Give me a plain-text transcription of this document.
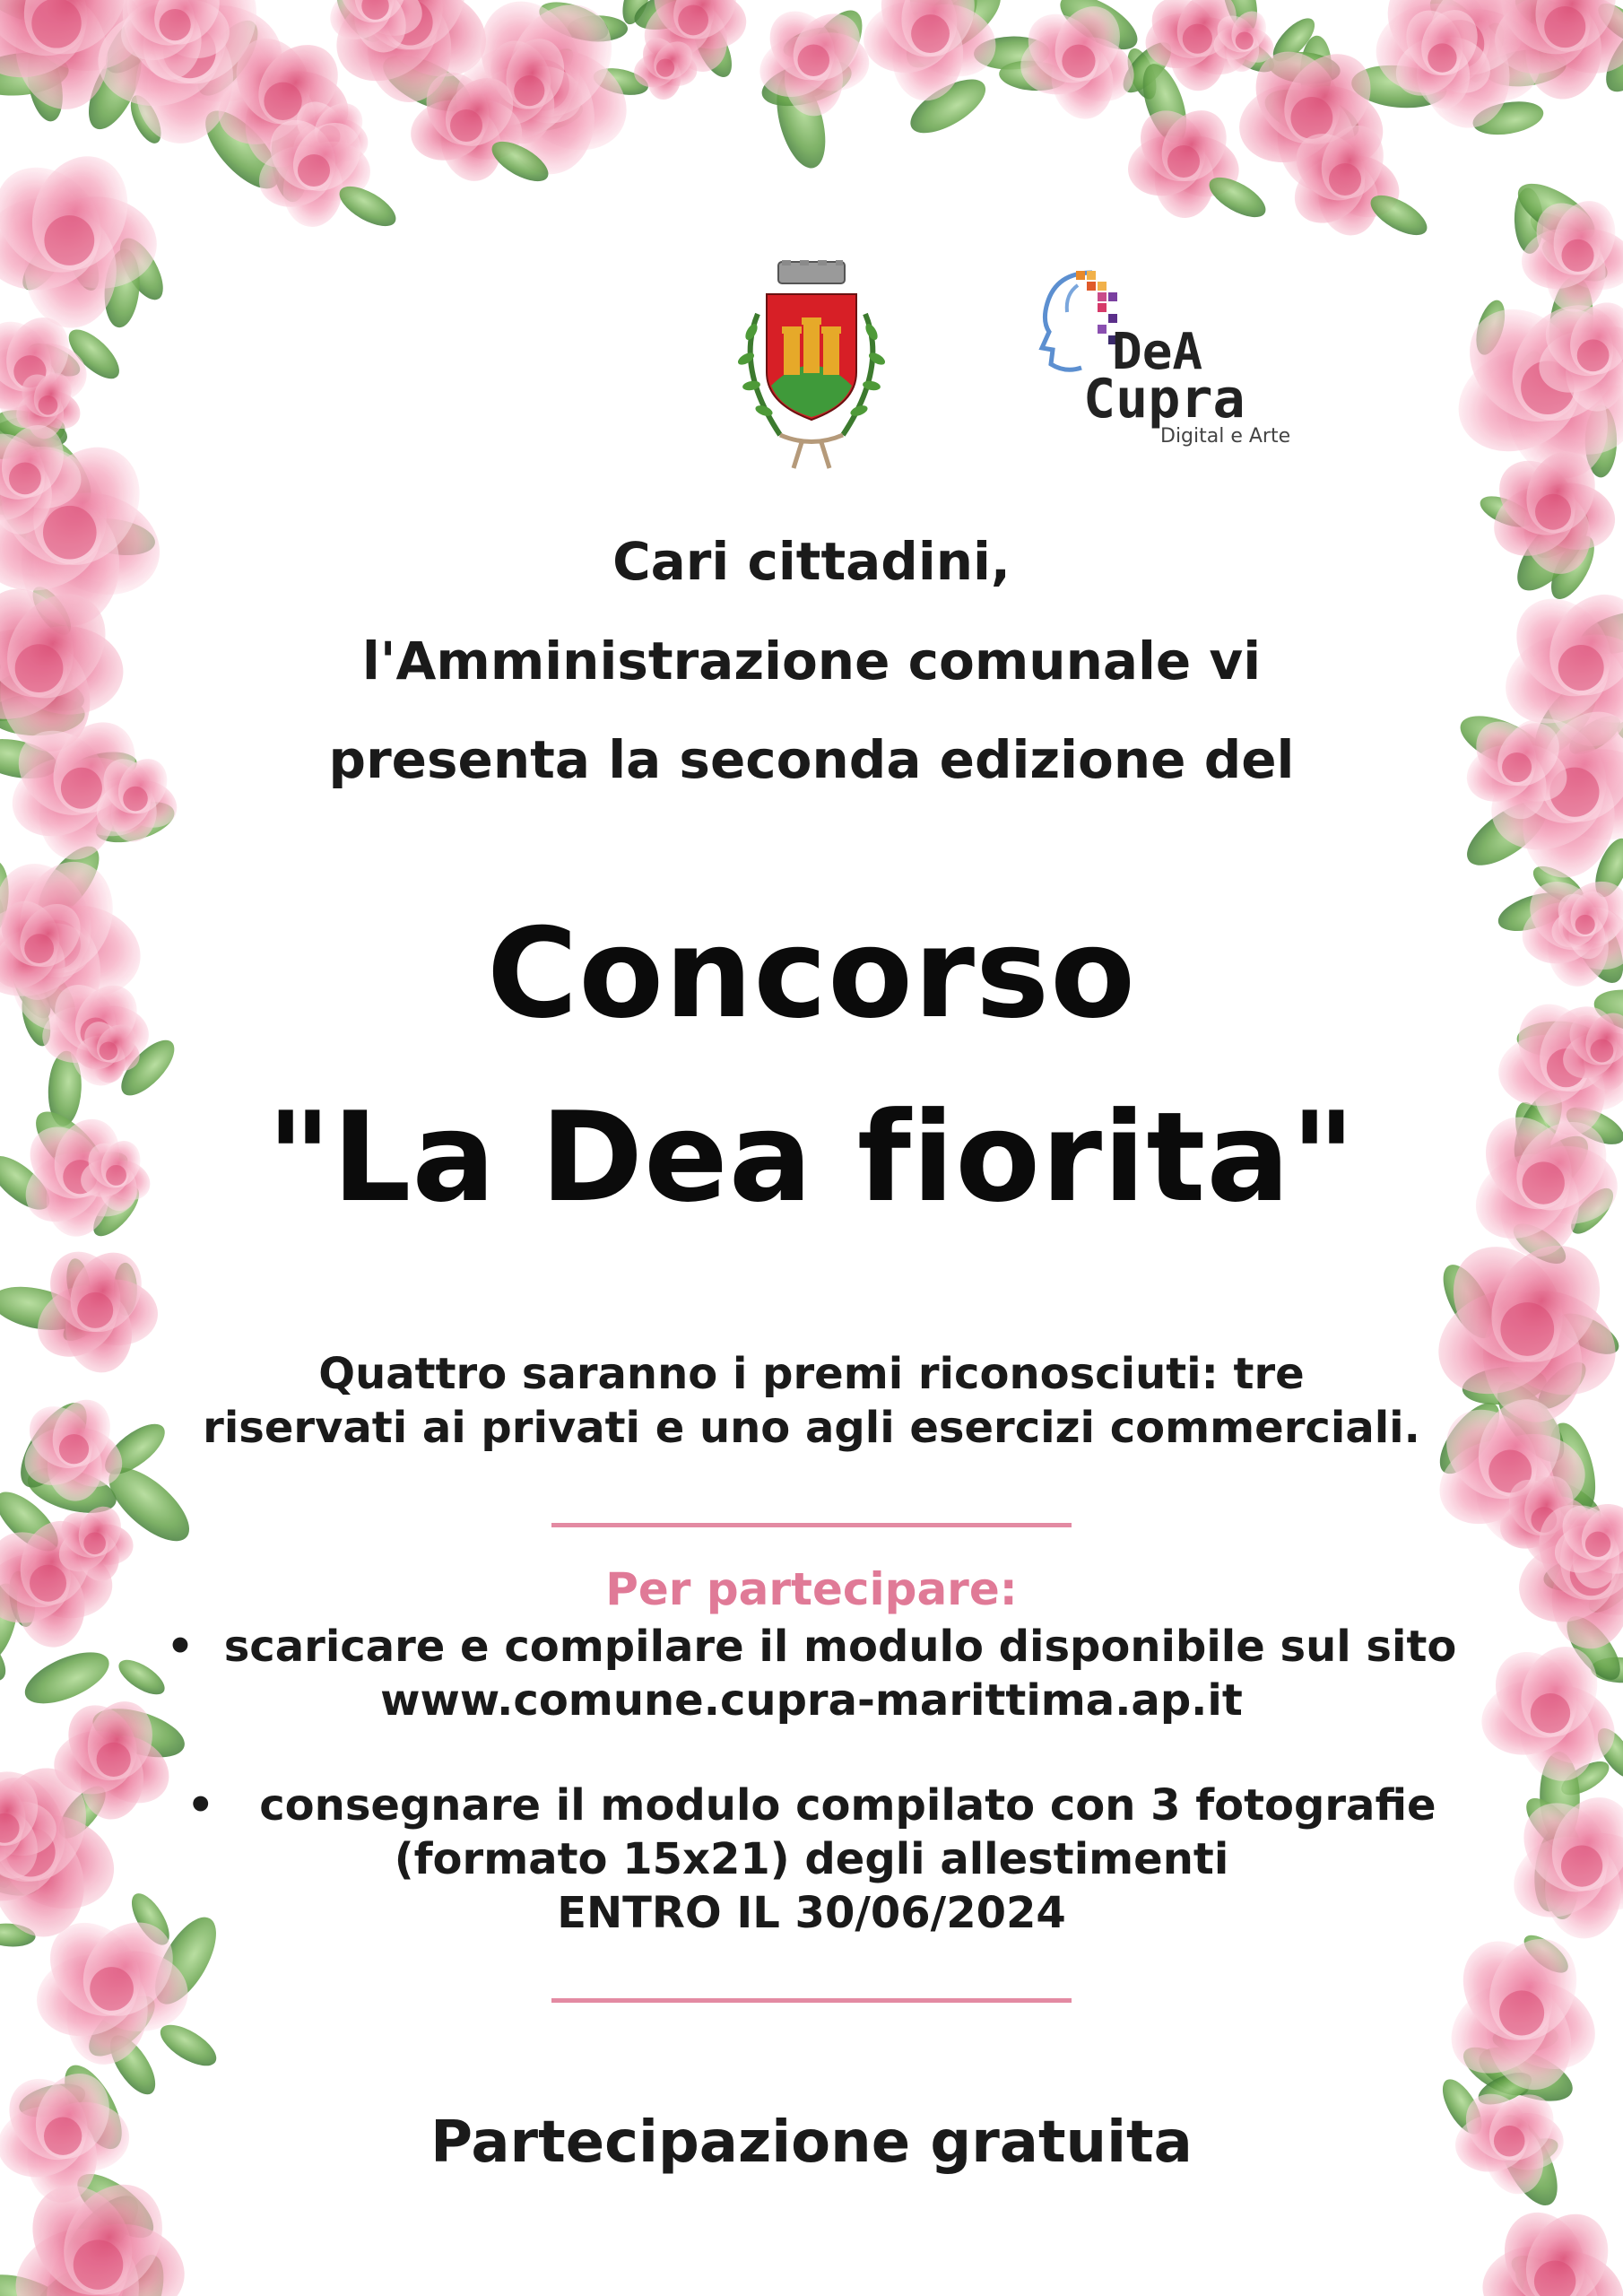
DeA
Cupra
Digital e Arte

Cari cittadini,

l'Amministrazione comunale vi

presenta la seconda edizione del

Concorso

"La Dea fiorita"

Quattro saranno i premi riconosciuti: tre

riservati ai privati e uno agli esercizi commerciali.

Per partecipare:

•  scaricare e compilare il modulo disponibile sul sito

www.comune.cupra-marittima.ap.it

•   consegnare il modulo compilato con 3 fotografie

(formato 15x21) degli allestimenti

ENTRO IL 30/06/2024

Partecipazione gratuita
